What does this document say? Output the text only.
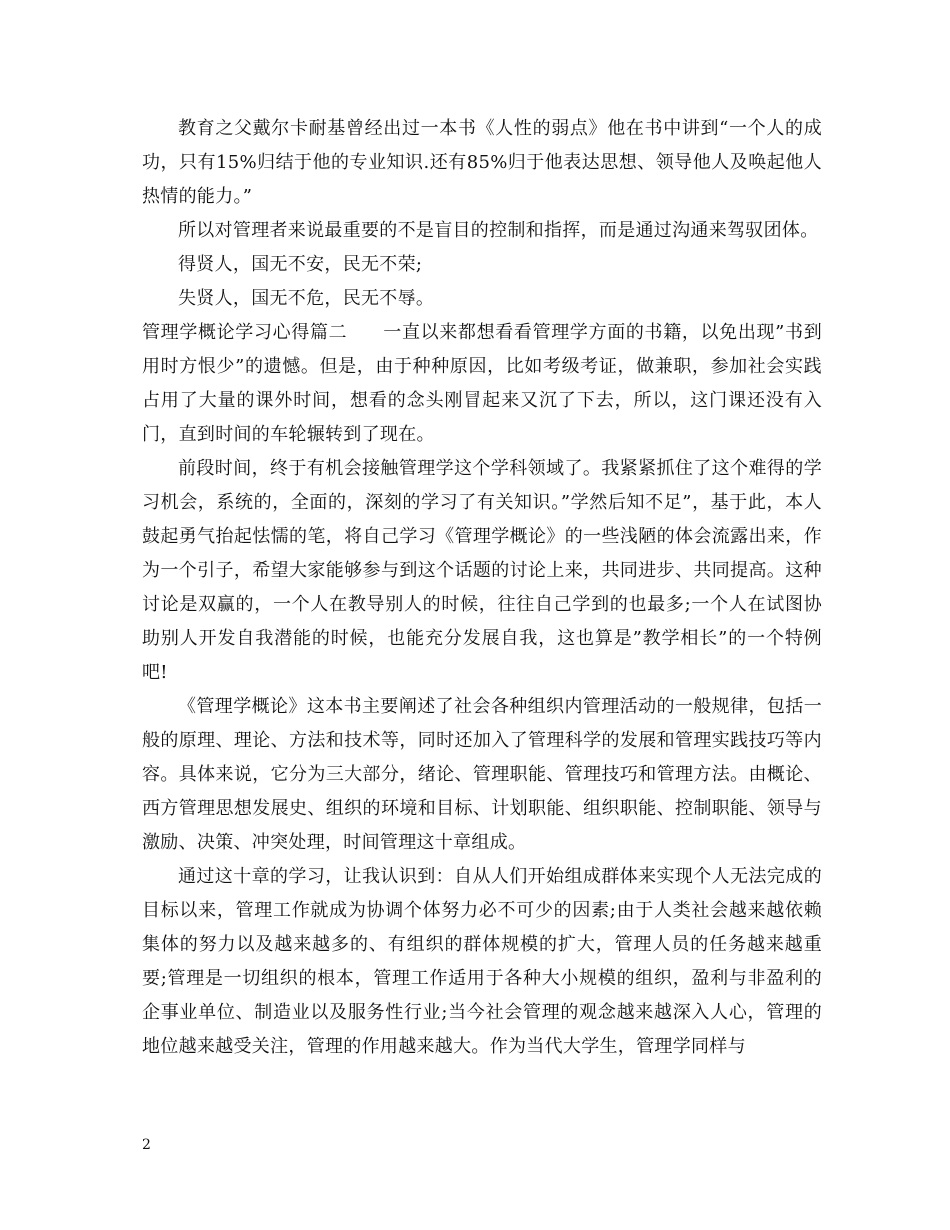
教育之父戴尔卡耐基曾经出过一本书《人性的弱点》他在书中讲到“一个人的成功，只有15%归结于他的专业知识.还有85%归于他表达思想、领导他人及唤起他人热情的能力。”

所以对管理者来说最重要的不是盲目的控制和指挥，而是通过沟通来驾驭团体。

得贤人，国无不安，民无不荣;

失贤人，国无不危，民无不辱。

管理学概论学习心得篇二 一直以来都想看看管理学方面的书籍，以免出现”书到用时方恨少”的遗憾。但是，由于种种原因，比如考级考证，做兼职，参加社会实践占用了大量的课外时间，想看的念头刚冒起来又沉了下去，所以，这门课还没有入门，直到时间的车轮辗转到了现在。

前段时间，终于有机会接触管理学这个学科领域了。我紧紧抓住了这个难得的学习机会，系统的，全面的，深刻的学习了有关知识。”学然后知不足”，基于此，本人鼓起勇气抬起怯懦的笔，将自己学习《管理学概论》的一些浅陋的体会流露出来，作为一个引子，希望大家能够参与到这个话题的讨论上来，共同进步、共同提高。这种讨论是双赢的，一个人在教导别人的时候，往往自己学到的也最多;一个人在试图协助别人开发自我潜能的时候，也能充分发展自我，这也算是”教学相长”的一个特例吧!

《管理学概论》这本书主要阐述了社会各种组织内管理活动的一般规律，包括一般的原理、理论、方法和技术等，同时还加入了管理科学的发展和管理实践技巧等内容。具体来说，它分为三大部分，绪论、管理职能、管理技巧和管理方法。由概论、西方管理思想发展史、组织的环境和目标、计划职能、组织职能、控制职能、领导与激励、决策、冲突处理，时间管理这十章组成。

通过这十章的学习，让我认识到：自从人们开始组成群体来实现个人无法完成的目标以来，管理工作就成为协调个体努力必不可少的因素;由于人类社会越来越依赖集体的努力以及越来越多的、有组织的群体规模的扩大，管理人员的任务越来越重要;管理是一切组织的根本，管理工作适用于各种大小规模的组织，盈利与非盈利的企事业单位、制造业以及服务性行业;当今社会管理的观念越来越深入人心，管理的地位越来越受关注，管理的作用越来越大。作为当代大学生，管理学同样与

2
